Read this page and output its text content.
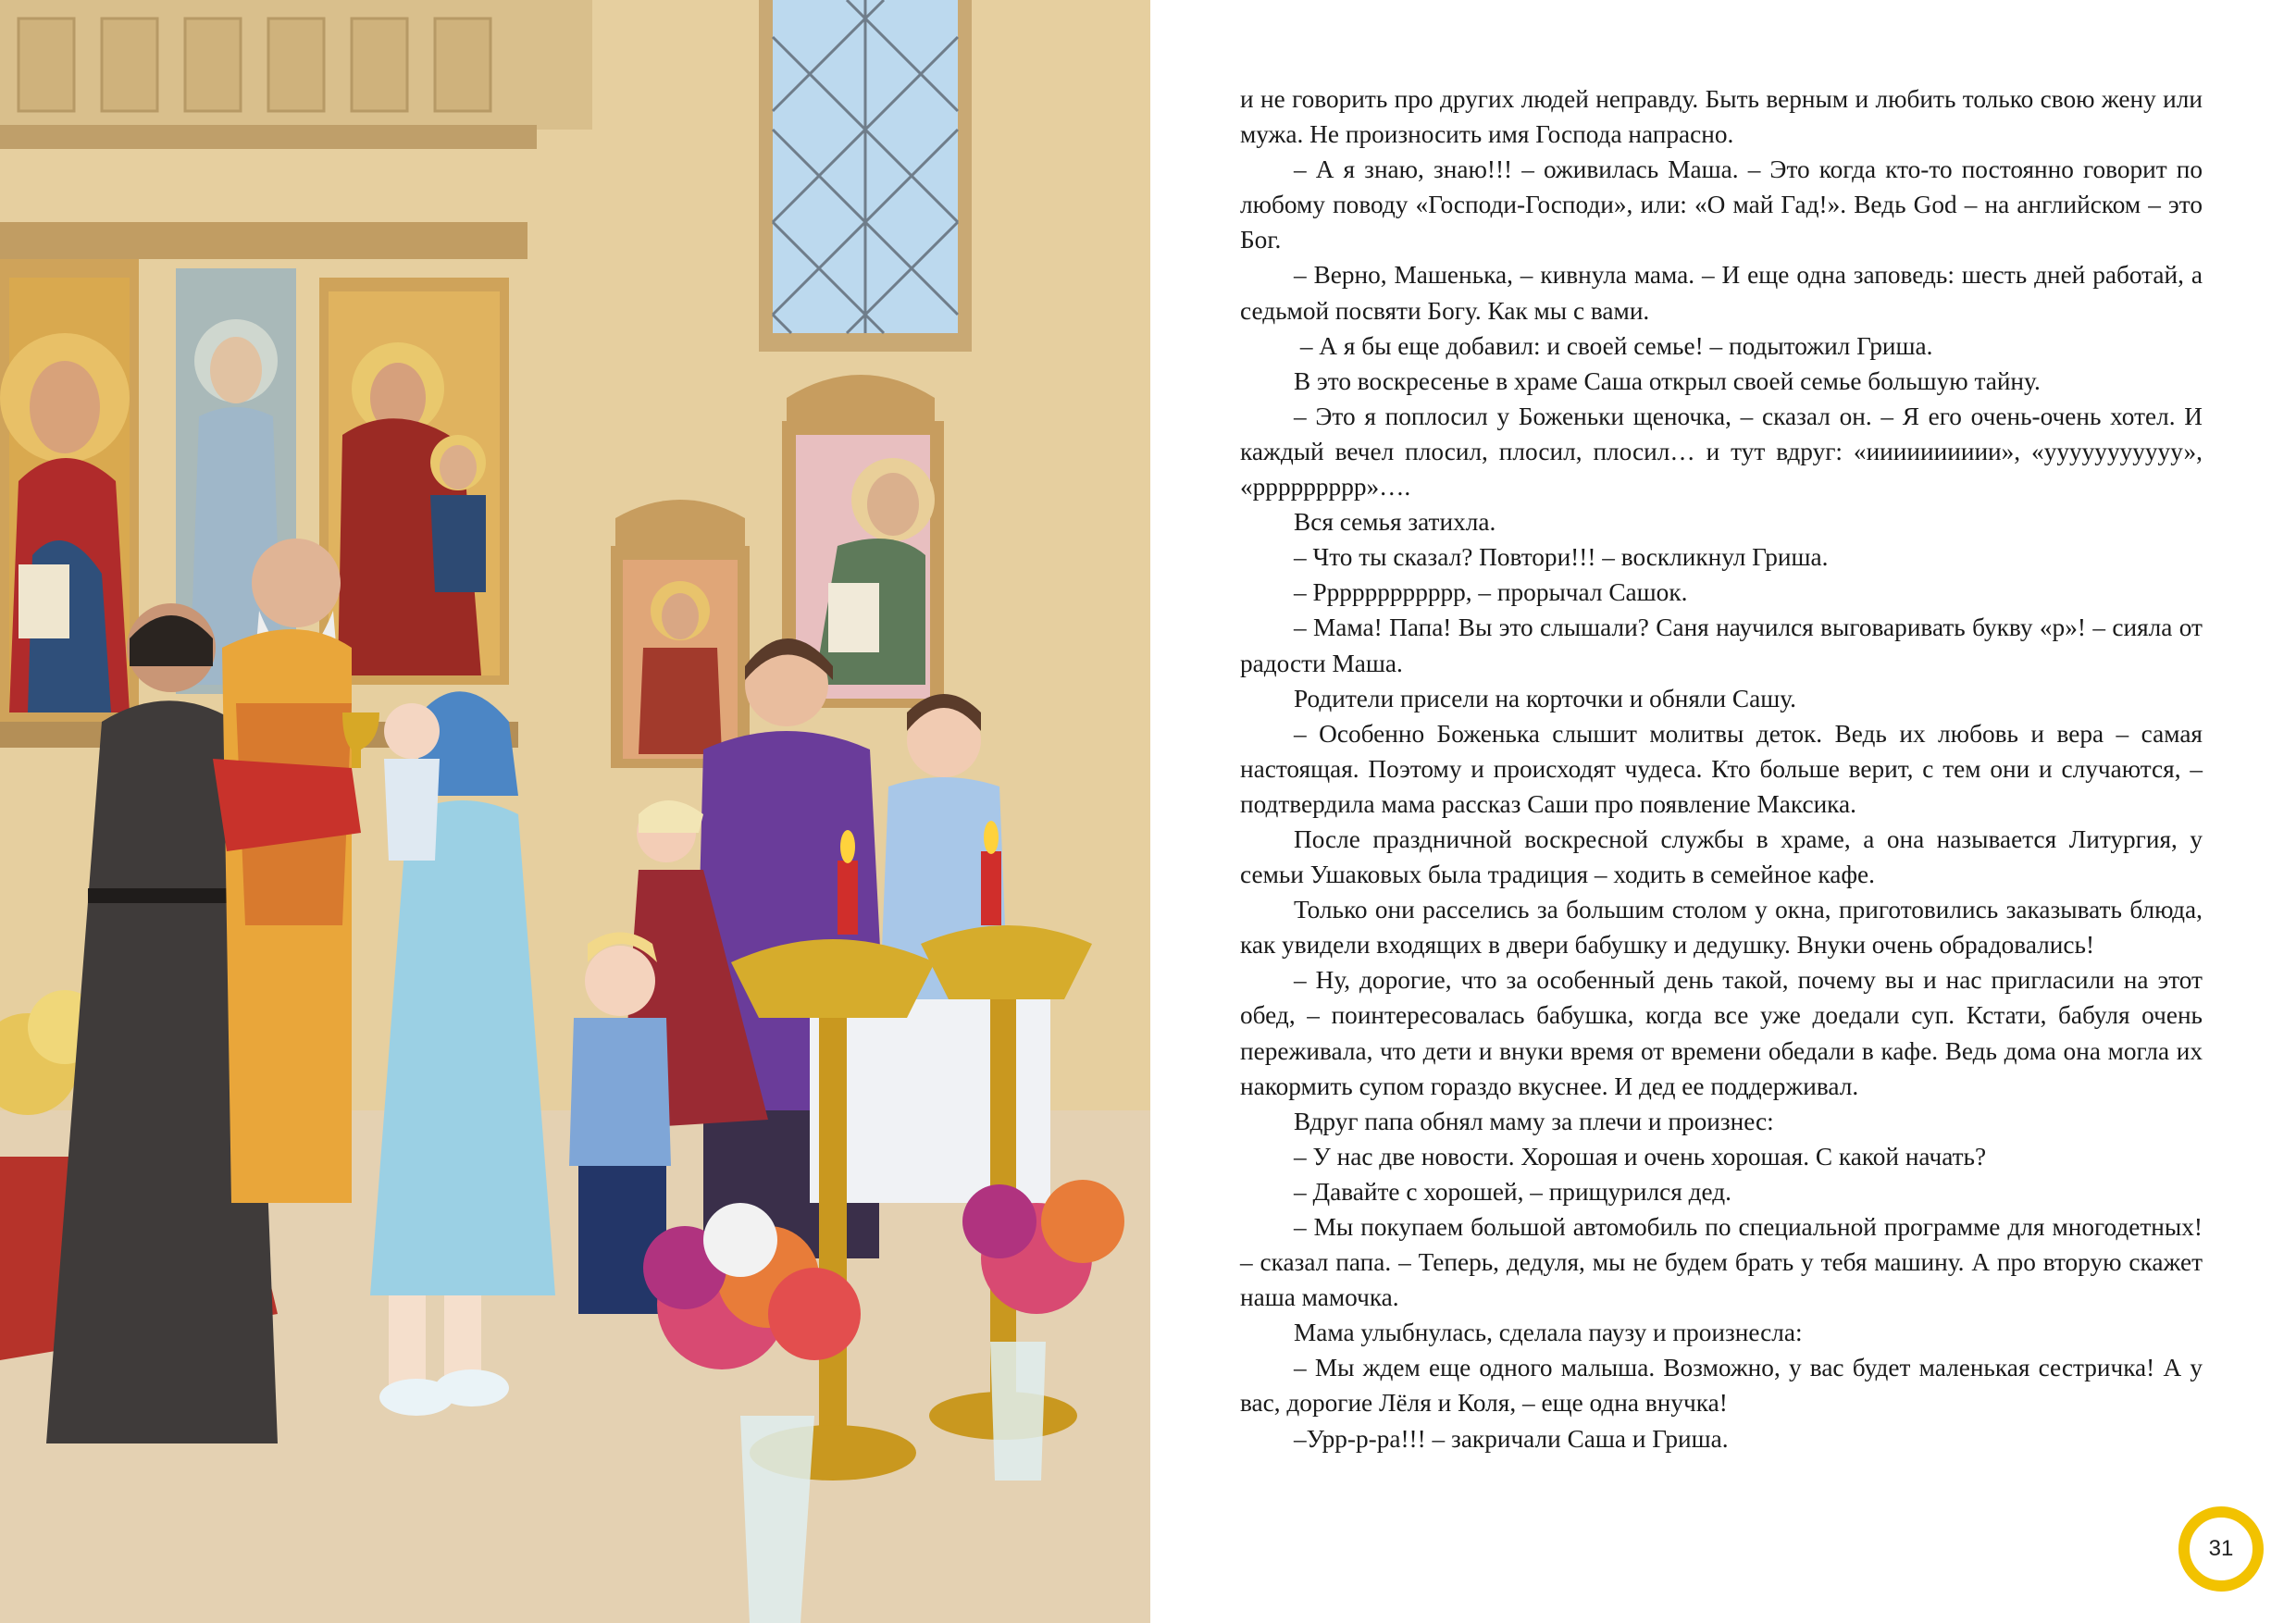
и не говорить про других людей неправду. Быть верным и любить только свою жену или мужа. Не произносить имя Господа напрасно.

– А я знаю, знаю!!! – оживилась Маша. – Это когда кто-то постоянно говорит по любому поводу «Господи-Господи», или: «О май Гад!». Ведь God – на английском – это Бог.

– Верно, Машенька, – кивнула мама. – И еще одна заповедь: шесть дней работай, а седьмой посвяти Богу. Как мы с вами.

– А я бы еще добавил: и своей семье! – подытожил Гриша.

В это воскресенье в храме Саша открыл своей семье большую тайну.

– Это я поплосил у Боженьки щеночка, – сказал он. – Я его очень-очень хотел. И каждый вечел плосил, плосил, плосил… и тут вдруг: «ииииииииии», «ууууууууууу», «ррррррррр»….

Вся семья затихла.

– Что ты сказал? Повтори!!! – воскликнул Гриша.

– Рррррррррррр, – прорычал Сашок.

– Мама! Папа! Вы это слышали? Саня научился выговаривать букву «р»! – сияла от радости Маша.

Родители присели на корточки и обняли Сашу.

– Особенно Боженька слышит молитвы деток. Ведь их любовь и вера – самая настоящая. Поэтому и происходят чудеса. Кто больше верит, с тем они и случаются, – подтвердила мама рассказ Саши про появление Максика.

После праздничной воскресной службы в храме, а она называется Литургия, у семьи Ушаковых была традиция – ходить в семейное кафе.

Только они расселись за большим столом у окна, приготовились заказывать блюда, как увидели входящих в двери бабушку и дедушку. Внуки очень обрадовались!

– Ну, дорогие, что за особенный день такой, почему вы и нас пригласили на этот обед, – поинтересовалась бабушка, когда все уже доедали суп. Кстати, бабуля очень переживала, что дети и внуки время от времени обедали в кафе. Ведь дома она могла их накормить супом гораздо вкуснее. И дед ее поддерживал.

Вдруг папа обнял маму за плечи и произнес:

– У нас две новости. Хорошая и очень хорошая. С какой начать?

– Давайте с хорошей, – прищурился дед.

– Мы покупаем большой автомобиль по специальной программе для многодетных! – сказал папа. – Теперь, дедуля, мы не будем брать у тебя машину. А про вторую скажет наша мамочка.

Мама улыбнулась, сделала паузу и произнесла:

– Мы ждем еще одного малыша. Возможно, у вас будет маленькая сестричка! А у вас, дорогие Лёля и Коля, – еще одна внучка!

–Урр-р-ра!!! – закричали Саша и Гриша.

31
